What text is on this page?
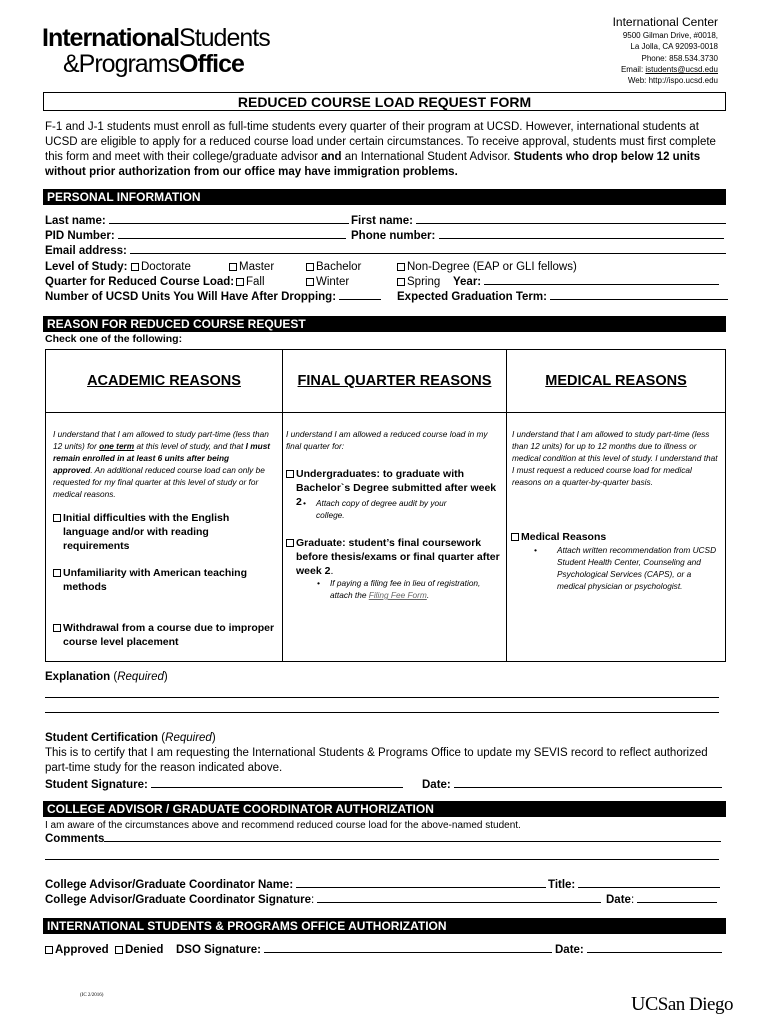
InternationalStudents
&ProgramsOffice
International Center
9500 Gilman Drive, #0018,
La Jolla, CA 92093-0018
Phone: 858.534.3730
Email: istudents@ucsd.edu
Web: http://ispo.ucsd.edu
REDUCED COURSE LOAD REQUEST FORM
F-1 and J-1 students must enroll as full-time students every quarter of their program at UCSD. However, international students at UCSD are eligible to apply for a reduced course load under certain circumstances. To receive approval, students must first complete this form and meet with their college/graduate advisor and an International Student Advisor. Students who drop below 12 units without prior authorization from our office may have immigration problems.
PERSONAL INFORMATION
Last name:	First name:
PID Number:	Phone number:
Email address:
Level of Study:	Doctorate	Master	Bachelor	Non-Degree (EAP or GLI fellows)
Quarter for Reduced Course Load:	Fall	Winter	Spring Year:
Number of UCSD Units You Will Have After Dropping:	Expected Graduation Term:
REASON FOR REDUCED COURSE REQUEST
Check one of the following:
ACADEMIC REASONS	FINAL QUARTER REASONS	MEDICAL REASONS
I understand that I am allowed to study part-time (less than 12 units) for one term at this level of study, and that I must remain enrolled in at least 6 units after being approved. An additional reduced course load can only be requested for my final quarter at this level of study or for medical reasons.
Initial difficulties with the English language and/or with reading requirements
Unfamiliarity with American teaching methods
Withdrawal from a course due to improper course level placement
I understand I am allowed a reduced course load in my final quarter for:
Undergraduates: to graduate with Bachelor`s Degree submitted after week 2 • Attach copy of degree audit by your college.
Graduate: student’s final coursework before thesis/exams or final quarter after week 2.
• If paying a filing fee in lieu of registration, attach the Filing Fee Form.
I understand that I am allowed to study part-time (less than 12 units) for up to 12 months due to illness or medical condition at this level of study. I understand that I must request a reduced course load for medical reasons on a quarter-by-quarter basis.
Medical Reasons
• Attach written recommendation from UCSD Student Health Center, Counseling and Psychological Services (CAPS), or a medical physician or psychologist.
Explanation (Required)
Student Certification (Required)
This is to certify that I am requesting the International Students & Programs Office to update my SEVIS record to reflect authorized part-time study for the reason indicated above.
Student Signature:	Date:
COLLEGE ADVISOR / GRADUATE COORDINATOR AUTHORIZATION
I am aware of the circumstances above and recommend reduced course load for the above-named student.
Comments
College Advisor/Graduate Coordinator Name:	Title:
College Advisor/Graduate Coordinator Signature:	Date:
INTERNATIONAL STUDENTS & PROGRAMS OFFICE AUTHORIZATION
Approved	Denied DSO Signature:	Date:
(IC 2/2016)	UCSan Diego
